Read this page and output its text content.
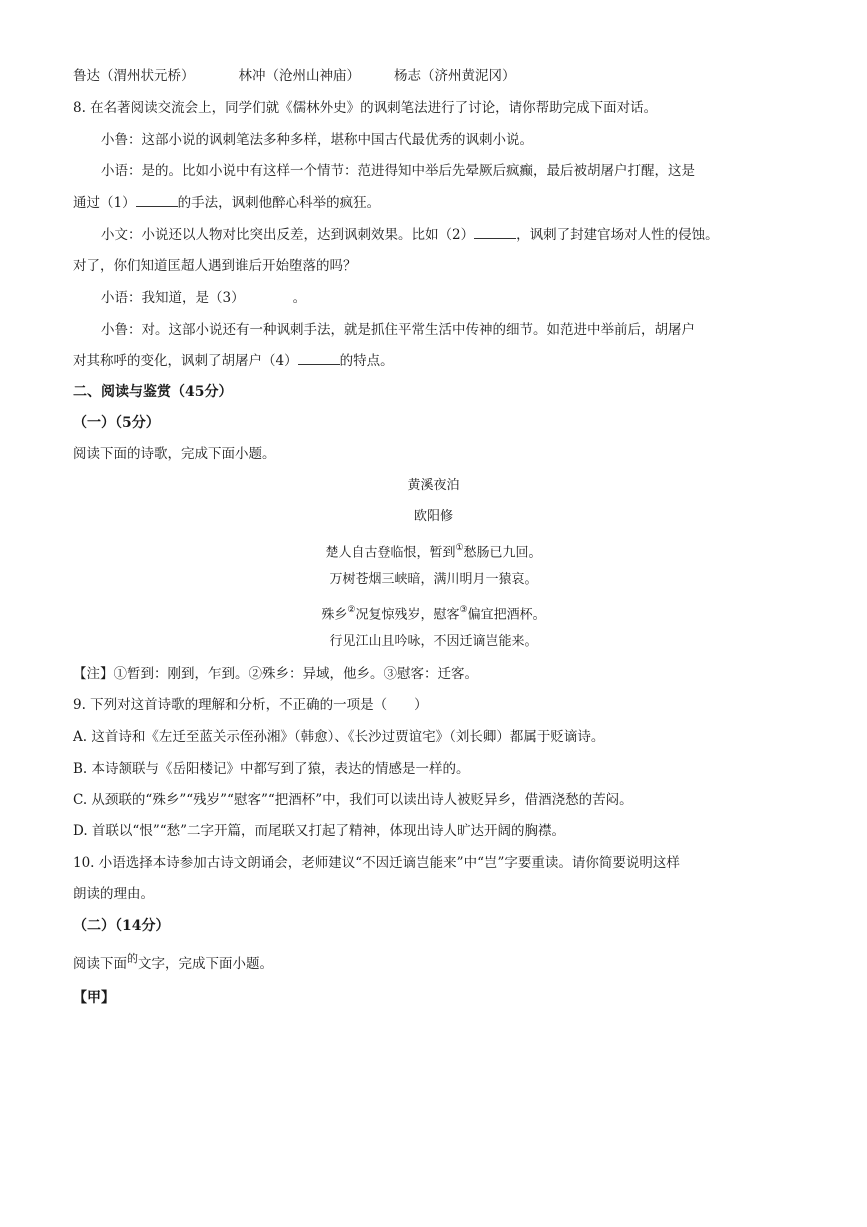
鲁达（渭州状元桥）	林冲（沧州山神庙）	杨志（济州黄泥冈）
8. 在名著阅读交流会上，同学们就《儒林外史》的讽刺笔法进行了讨论，请你帮助完成下面对话。
小鲁：这部小说的讽刺笔法多种多样，堪称中国古代最优秀的讽刺小说。
小语：是的。比如小说中有这样一个情节：范进得知中举后先晕厥后疯癫，最后被胡屠户打醒，这是
通过（1）	的手法，讽刺他醉心科举的疯狂。
小文：小说还以人物对比突出反差，达到讽刺效果。比如（2）	，讽刺了封建官场对人性的侵蚀。
对了，你们知道匡超人遇到谁后开始堕落的吗？
小语：我知道，是（3）	。
小鲁：对。这部小说还有一种讽刺手法，就是抓住平常生活中传神的细节。如范进中举前后，胡屠户
对其称呼的变化，讽刺了胡屠户（4）	的特点。
二、阅读与鉴赏（45分）
（一）（5分）
阅读下面的诗歌，完成下面小题。
黄溪夜泊
欧阳修
楚人自古登临恨，暂到①愁肠已九回。
万树苍烟三峡暗，满川明月一猿哀。
殊乡②况复惊残岁，慰客③偏宜把酒杯。
行见江山且吟咏，不因迁谪岂能来。
【注】①暂到：刚到，乍到。②殊乡：异域，他乡。③慰客：迁客。
9. 下列对这首诗歌的理解和分析，不正确的一项是（　　）
A. 这首诗和《左迁至蓝关示侄孙湘》（韩愈）、《长沙过贾谊宅》（刘长卿）都属于贬谪诗。
B. 本诗颔联与《岳阳楼记》中都写到了猿，表达的情感是一样的。
C. 从颈联的“殊乡”“残岁”“慰客”“把酒杯”中，我们可以读出诗人被贬异乡，借酒浇愁的苦闷。
D. 首联以“恨”“愁”二字开篇，而尾联又打起了精神，体现出诗人旷达开阔的胸襟。
10. 小语选择本诗参加古诗文朗诵会，老师建议“不因迁谪岂能来”中“岂”字要重读。请你简要说明这样
朗读的理由。
（二）（14分）
阅读下面$^的$文字，完成下面小题。
【甲】
